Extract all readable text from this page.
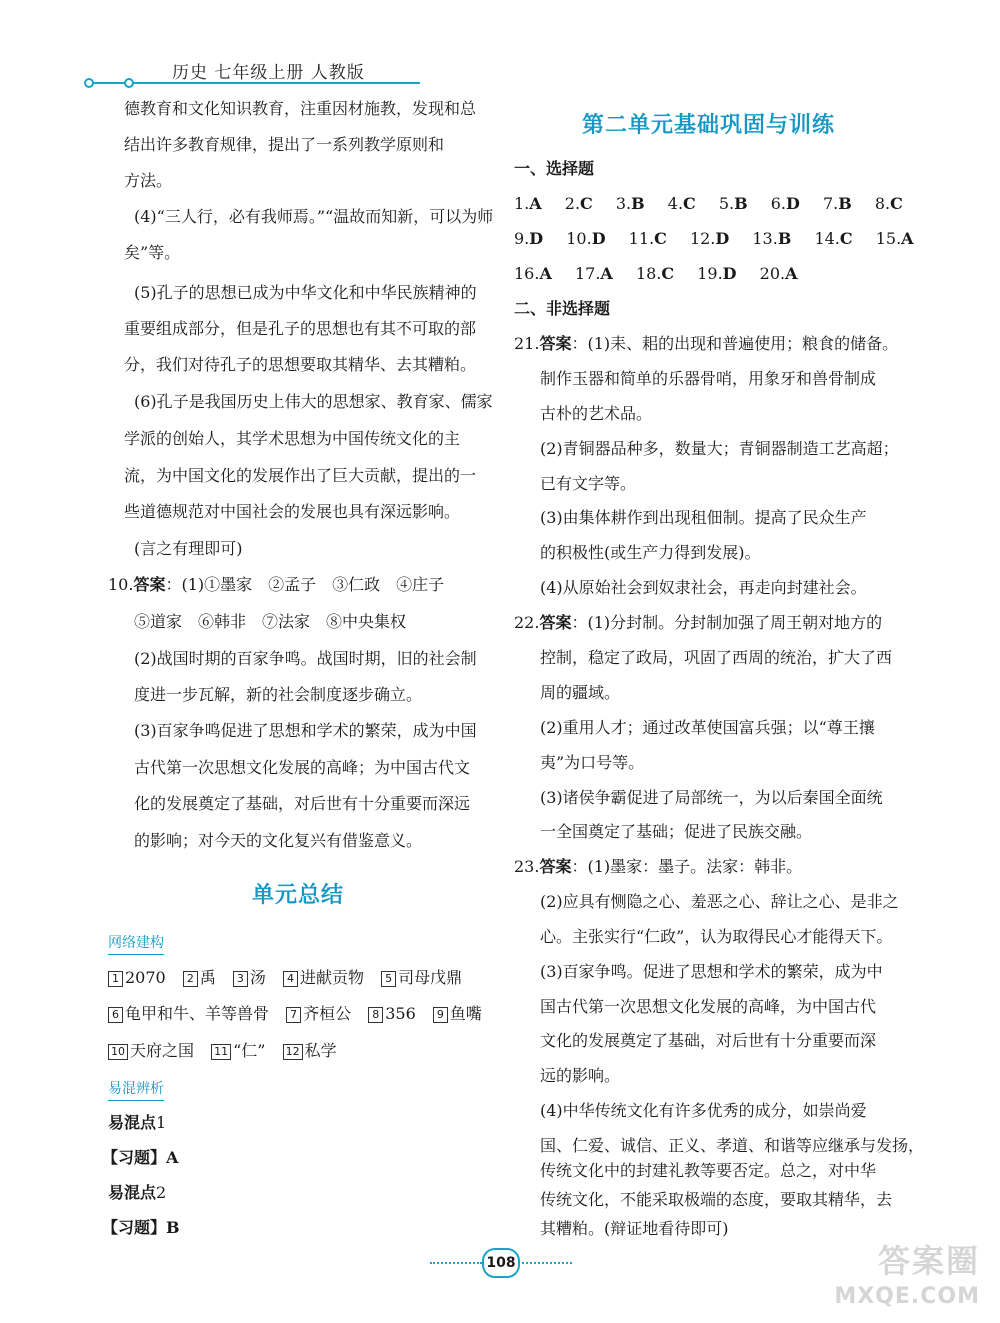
历史 七年级上册 人教版
德教育和文化知识教育，注重因材施教，发现和总
结出许多教育规律，提出了一系列教学原则和
方法。
(4)“三人行，必有我师焉。”“温故而知新，可以为师
矣”等。
(5)孔子的思想已成为中华文化和中华民族精神的
重要组成部分，但是孔子的思想也有其不可取的部
分，我们对待孔子的思想要取其精华、去其糟粕。
(6)孔子是我国历史上伟大的思想家、教育家、儒家
学派的创始人，其学术思想为中国传统文化的主
流，为中国文化的发展作出了巨大贡献，提出的一
些道德规范对中国社会的发展也具有深远影响。
(言之有理即可)
10.答案：(1)①墨家　②孟子　③仁政　④庄子
⑤道家　⑥韩非　⑦法家　⑧中央集权
(2)战国时期的百家争鸣。战国时期，旧的社会制
度进一步瓦解，新的社会制度逐步确立。
(3)百家争鸣促进了思想和学术的繁荣，成为中国
古代第一次思想文化发展的高峰；为中国古代文
化的发展奠定了基础，对后世有十分重要而深远
的影响；对今天的文化复兴有借鉴意义。
单元总结
网络建构
1 2070 2 禹 3 汤 4 进献贡物 5 司母戊鼎
6 龟甲和牛、羊等兽骨 7 齐桓公 8 356 9 鱼嘴
10 天府之国 11 “仁” 12 私学
易混辨析
易混点1
【习题】A
易混点2
【习题】B
第二单元基础巩固与训练
一、选择题
1.A 2.C 3.B 4.C 5.B 6.D 7.B 8.C
9.D 10.D 11.C 12.D 13.B 14.C 15.A
16.A 17.A 18.C 19.D 20.A
二、非选择题
21.答案：(1)耒、耜的出现和普遍使用；粮食的储备。
制作玉器和简单的乐器骨哨，用象牙和兽骨制成
古朴的艺术品。
(2)青铜器品种多，数量大；青铜器制造工艺高超；
已有文字等。
(3)由集体耕作到出现租佃制。提高了民众生产
的积极性(或生产力得到发展)。
(4)从原始社会到奴隶社会，再走向封建社会。
22.答案：(1)分封制。分封制加强了周王朝对地方的
控制，稳定了政局，巩固了西周的统治，扩大了西
周的疆域。
(2)重用人才；通过改革使国富兵强；以“尊王攘
夷”为口号等。
(3)诸侯争霸促进了局部统一，为以后秦国全面统
一全国奠定了基础；促进了民族交融。
23.答案：(1)墨家：墨子。法家：韩非。
(2)应具有恻隐之心、羞恶之心、辞让之心、是非之
心。主张实行“仁政”，认为取得民心才能得天下。
(3)百家争鸣。促进了思想和学术的繁荣，成为中
国古代第一次思想文化发展的高峰，为中国古代
文化的发展奠定了基础，对后世有十分重要而深
远的影响。
(4)中华传统文化有许多优秀的成分，如崇尚爱
国、仁爱、诚信、正义、孝道、和谐等应继承与发扬，
传统文化中的封建礼教等要否定。总之，对中华
传统文化，不能采取极端的态度，要取其精华，去
其糟粕。(辩证地看待即可)
108	答案圈
MXQE.COM
